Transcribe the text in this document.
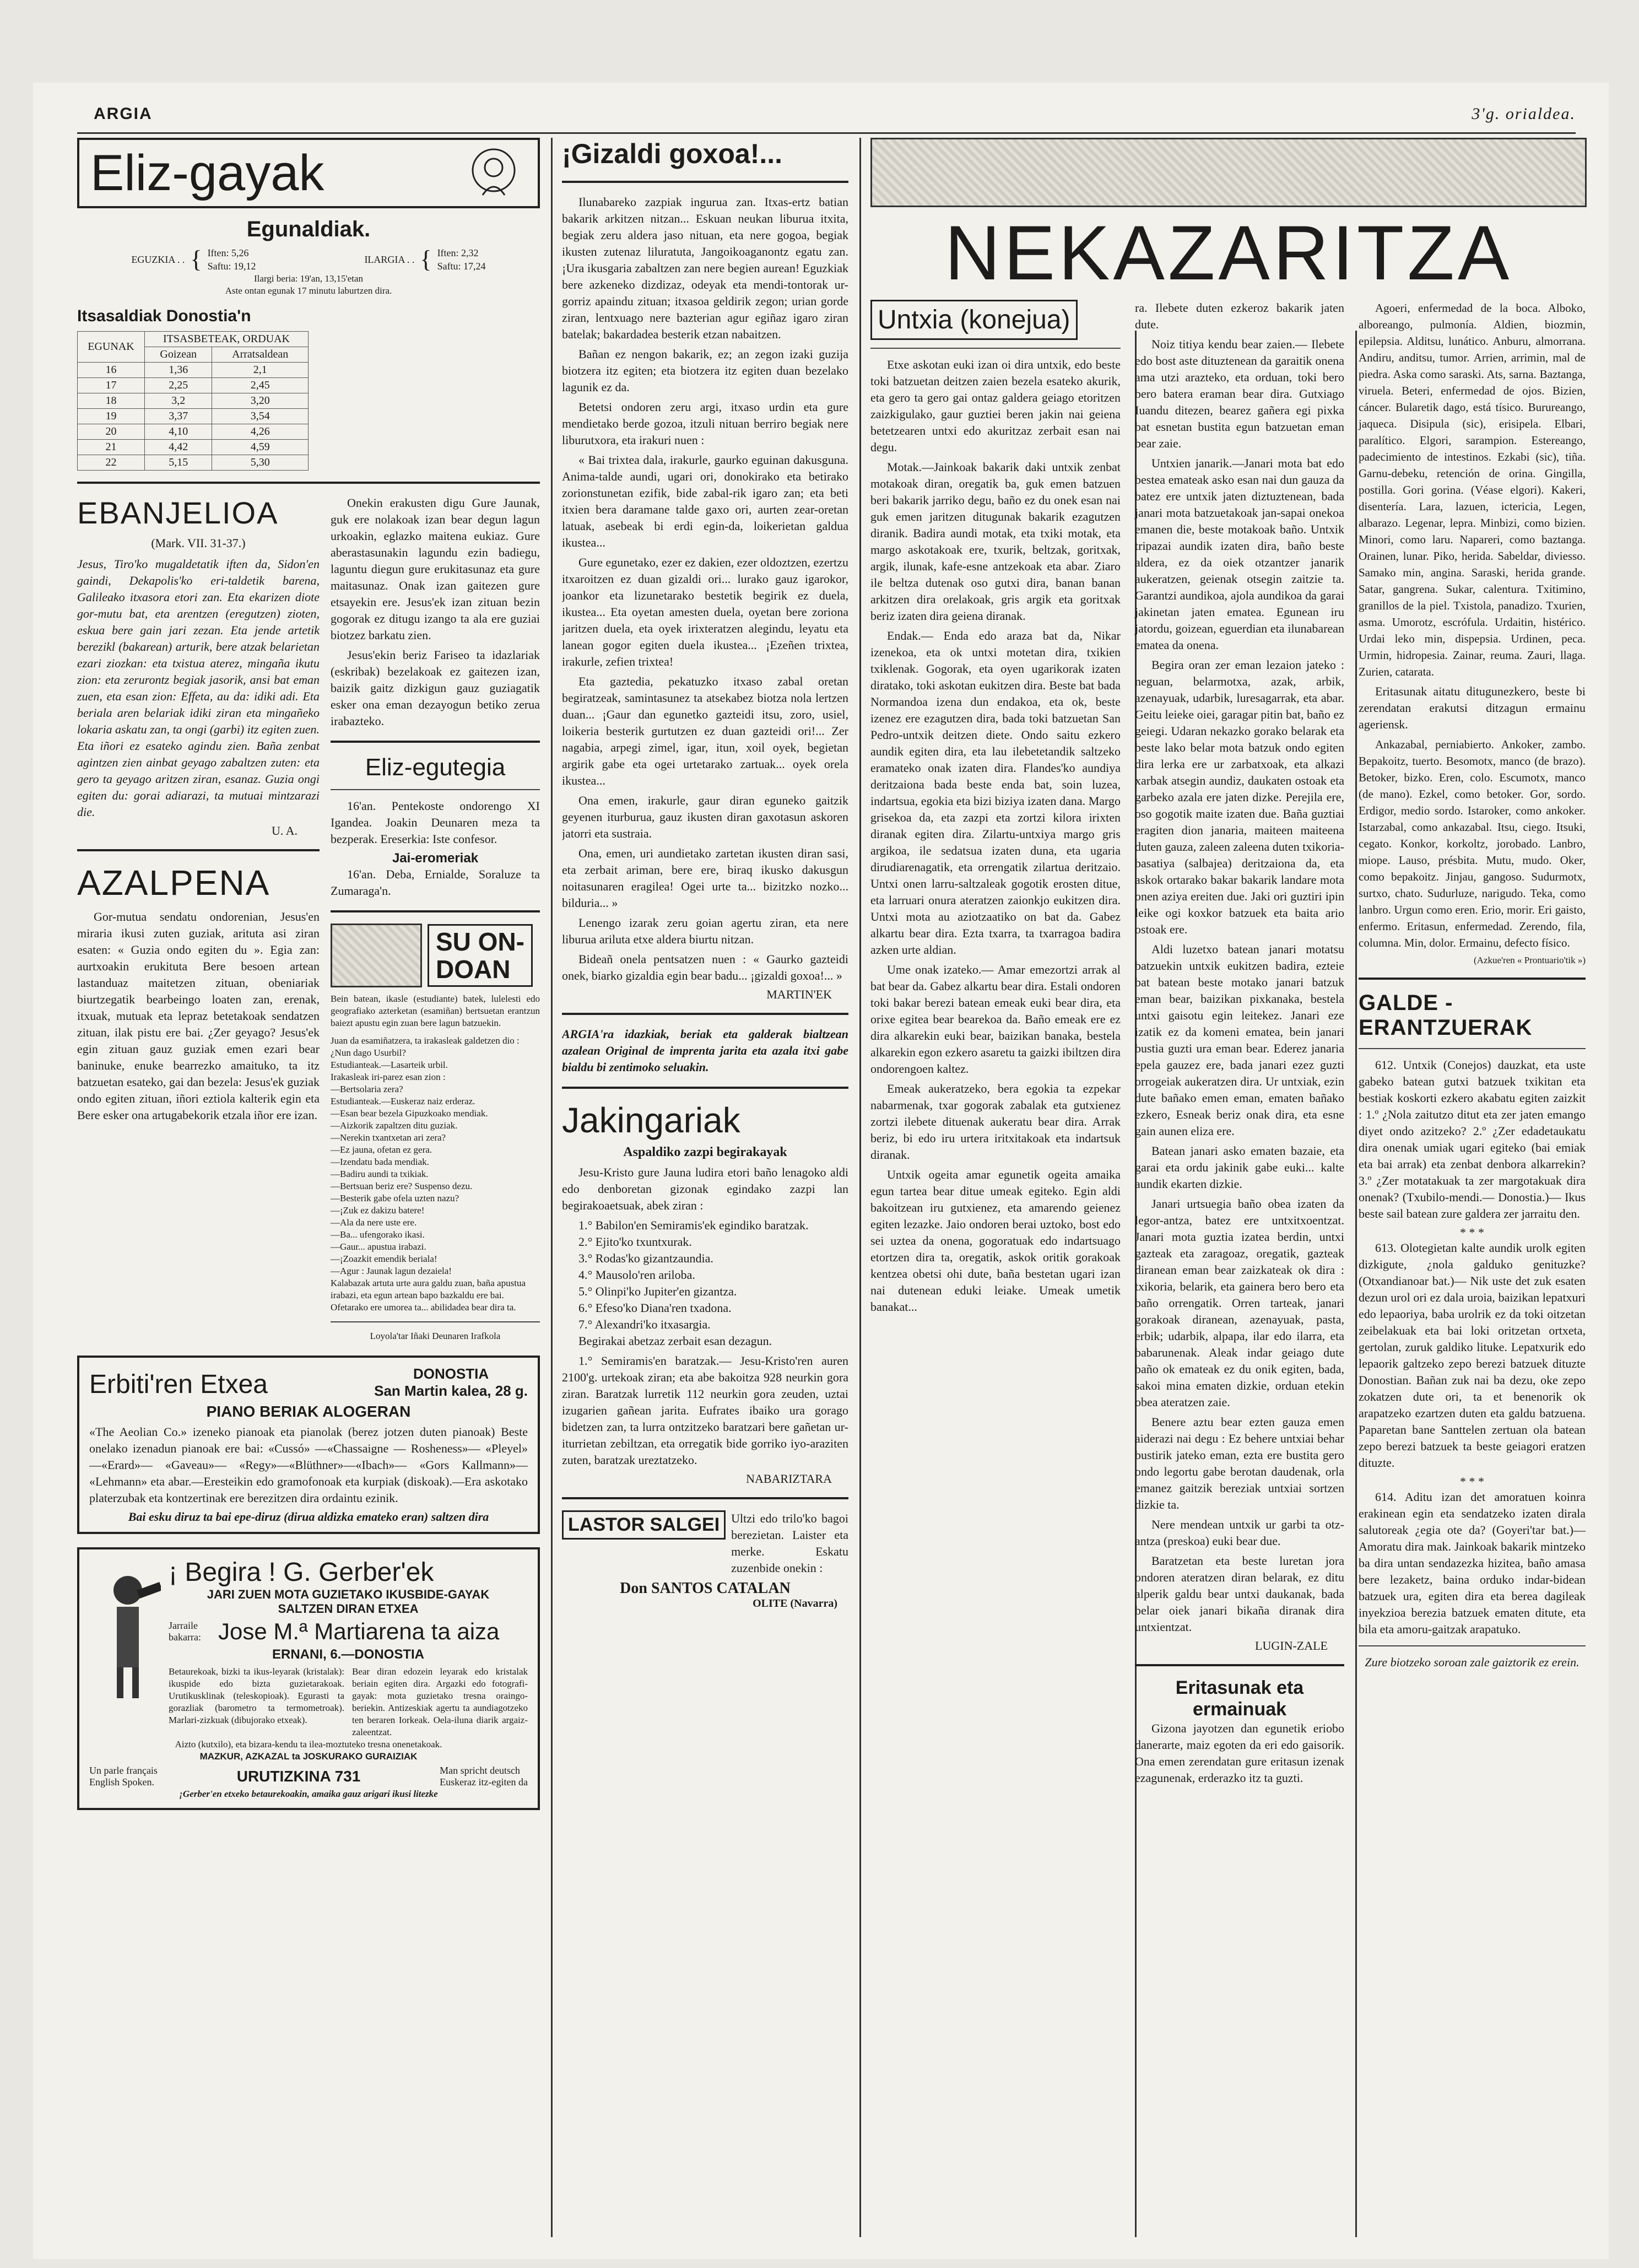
ARGIA	3'g. orialdea.
Eliz-gayak
Egunaldiak.
EGUZKIA . . { Iften: 5,26
Saftu: 19,12
ILARGIA . . { Iften: 2,32
Saftu: 17,24
Ilargi beria: 19'an, 13,15'etan
Aste ontan egunak 17 minutu laburtzen dira.
Itsasaldiak Donostia'n
EGUNAK	ITSASBETEAK, ORDUAK	
	Goizean	Arratsaldean
16	1,36	2,1
17	2,25	2,45
18	3,2	3,20
19	3,37	3,54
20	4,10	4,26
21	4,42	4,59
22	5,15	5,30
EBANJELIOA
(Mark. VII. 31-37.)

Jesus, Tiro'ko mugaldetatik iften da, Sidon'en gaindi, Dekapolis'ko eri-taldetik barena, Galileako itxasora etori zan. Eta ekarizen diote gor-mutu bat, eta arentzen (eregutzen) zioten, eskua bere gain jari zezan. Eta jende artetik berezikl (bakarean) arturik, bere atzak belarietan ezari ziozkan: eta txistua aterez, mingaña ikutu zion: eta zerurontz begiak jasorik, ansi bat eman zuen, eta esan zion: Effeta, au da: idiki adi. Eta beriala aren belariak idiki ziran eta mingañeko lokaria askatu zan, ta ongi (garbi) itz egiten zuen. Eta iñori ez esateko agindu zien. Baña zenbat agintzen zien ainbat geyago zabaltzen zuten: eta gero ta geyago aritzen ziran, esanaz. Guzia ongi egiten du: gorai adiarazi, ta mutuai mintzarazi die.

U. A.
AZALPENA

Gor-mutua sendatu ondorenian, Jesus'en miraria ikusi zuten guziak, arituta asi ziran esaten: « Guzia ondo egiten du ». Egia zan: aurtxoakin erukituta Bere besoen artean lastanduaz maitetzen zituan, obeniariak biurtzegatik bearbeingo loaten zan, erenak, itxuak, mutuak eta lepraz betetakoak sendatzen zituan, ilak pistu ere bai. ¿Zer geyago? Jesus'ek egin zituan gauz guziak emen ezari bear baninuke, enuke bearrezko amaituko, ta itz batzuetan esateko, gai dan bezela: Jesus'ek guziak ondo egiten zituan, iñori eztiola kalterik egin eta Bere esker ona artugabekorik etzala iñor ere izan.

Onekin erakusten digu Gure Jaunak, guk ere nolakoak izan bear degun lagun urkoakin, eglazko maitena eukiaz. Gure aberastasunakin lagundu ezin badiegu, laguntu diegun gure erukitasunaz eta gure maitasunaz. Onak izan gaitezen gure etsayekin ere. Jesus'ek izan zituan bezin gogorak ez ditugu izango ta ala ere guziai biotzez barkatu zien.

Jesus'ekin beriz Fariseo ta idazlariak (eskribak) bezelakoak ez gaitezen izan, baizik gaitz dizkigun gauz guziagatik esker ona eman dezayogun betiko zerua irabazteko.

Eliz-egutegia

16'an. Pentekoste ondorengo XI Igandea. Joakin Deunaren meza ta bezperak. Ereserkia: Iste confesor.

Jai-eromeriak

16'an. Deba, Ernialde, Soraluze ta Zumaraga'n.

SU ON-
DOAN

Bein batean, ikasle (estudiante) batek, lulelesti edo geografiako azterketan (esamiñan) bertsuetan erantzun baiezt apustu egin zuan bere lagun batzuekin.

Juan da esamiñatzera, ta irakasleak galdetzen dio :
¿Nun dago Usurbil?
Estudianteak.—Lasarteik urbil.
Irakasleak iri-parez esan zion :
—Bertsolaria zera?
Estudianteak.—Euskeraz naiz erderaz.
—Esan bear bezela Gipuzkoako mendiak.
—Aizkorik zapaltzen ditu guziak.
—Nerekin txantxetan ari zera?
—Ez jauna, ofetan ez gera.
—Izendatu bada mendiak.
—Badiru aundi ta txikiak.
—Bertsuan beriz ere? Suspenso dezu.
—Besterik gabe ofela uzten nazu?
—¡Zuk ez dakizu batere!
—Ala da nere uste ere.
—Ba... ufengorako ikasi.
—Gaur... apustua irabazi.
—¡Zoazkit emendik beriala!
—Agur : Jaunak lagun dezaiela!
Kalabazak artuta urte aura galdu zuan, baña apustua irabazi, eta egun artean bapo bazkaldu ere bai. Ofetarako ere umorea ta... abilidadea bear dira ta.
Loyola'tar Iñaki Deunaren Irafkola
Erbiti'ren Etxea	DONOSTIA
San Martin kalea, 28 g.
PIANO BERIAK ALOGERAN

«The Aeolian Co.» izeneko pianoak eta pianolak (berez jotzen duten pianoak) Beste onelako izenadun pianoak ere bai: «Cussó» —«Chassaigne — Rosheness»— «Pleyel» —«Erard»— «Gaveau»— «Regy»—«Blüthner»—«Ibach»— «Gors Kallmann»— «Lehmann» eta abar.—Eresteikin edo gramofonoak eta kurpiak (diskoak).—Era askotako platerzubak eta kontzertinak ere berezitzen dira ordaintu ezinik.

Bai esku diruz ta bai epe-diruz (dirua aldizka emateko eran) saltzen dira
¡ Begira ! G. Gerber'ek
JARI ZUEN MOTA GUZIETAKO IKUSBIDE-GAYAK
SALTZEN DIRAN ETXEA
Jarraile bakarra: Jose M.ª Martiarena ta aiza
ERNANI, 6.—DONOSTIA

Betaurekoak, bizki ta ikus-leyarak (kristalak): ikuspide edo bizta guzietarakoak. Urutikusklinak (teleskopioak). Egurasti ta gorazliak (barometro ta termometroak). Marlari-zizkuak (dibujorako etxeak).

Bear diran edozein leyarak edo kristalak beriain egiten dira. Argazki edo fotografi-gayak: mota guzietako tresna oraingo-beriekin. Antizeskiak agertu ta aundiagotzeko ten beraren Iorkeak. Oela-iluna diarik argaiz-zaleentzat.

Aizto (kutxilo), eta bizara-kendu ta ilea-moztuteko tresna onenetakoak.
MAZKUR, AZKAZAL ta JOSKURAKO GURAIZIAK
Un parle français
English Spoken.	URUTIZKINA 731	Man spricht deutsch
Euskeraz itz-egiten da
¡Gerber'en etxeko betaurekoakin, amaika gauz arigari ikusi litezke
¡Gizaldi goxoa!...

Ilunabareko zazpiak ingurua zan. Itxas-ertz batian bakarik arkitzen nitzan... Eskuan neukan liburua itxita, begiak zeru aldera jaso nituan, eta nere gogoa, begiak ikusten zutenaz liluratuta, Jangoikoaganontz egatu zan. ¡Ura ikusgaria zabaltzen zan nere begien aurean! Eguzkiak bere azkeneko dizdizaz, odeyak eta mendi-tontorak ur-gorriz apaindu zituan; itxasoa geldirik zegon; urian gorde ziran, lentxuago nere bazterian agur egiñaz igaro ziran batelak; bakardadea besterik etzan nabaitzen.

Bañan ez nengon bakarik, ez; an zegon izaki guzija biotzera itz egiten; eta biotzera itz egiten duan bezelako lagunik ez da.

Betetsi ondoren zeru argi, itxaso urdin eta gure mendietako berde gozoa, itzuli nituan berriro begiak nere liburutxora, eta irakuri nuen :

« Bai trixtea dala, irakurle, gaurko eguinan dakusguna. Anima-talde aundi, ugari ori, donokirako eta betirako zorionstunetan ezifik, bide zabal-rik igaro zan; eta beti itxien bera daramane talde gaxo ori, aurten zear-oretan latuak, asebeak bi erdi egin-da, loikerietan galdua ikustea...

Gure egunetako, ezer ez dakien, ezer oldoztzen, ezertzu itxaroitzen ez duan gizaldi ori... lurako gauz igarokor, joankor eta lizunetarako bestetik begirik ez duela, ikustea... Eta oyetan amesten duela, oyetan bere zoriona jaritzen duela, eta oyek irixteratzen alegindu, leyatu eta lanean gogor egiten duela ikustea... ¡Ezeñen trixtea, irakurle, zefien trixtea!

Eta gaztedia, pekatuzko itxaso zabal oretan begiratzeak, samintasunez ta atsekabez biotza nola lertzen duan... ¡Gaur dan egunetko gazteidi itsu, zoro, usiel, loikeria besterik gurtutzen ez duan gazteidi ori!... Zer nagabia, arpegi zimel, igar, itun, xoil oyek, begietan argirik gabe eta ogei urtetarako zartuak... oyek orela ikustea...

Ona emen, irakurle, gaur diran eguneko gaitzik geyenen iturburua, gauz ikusten diran gaxotasun askoren jatorri eta sustraia.

Ona, emen, uri aundietako zartetan ikusten diran sasi, eta zerbait ariman, bere ere, biraq ikusko dakusgun noitasunaren eragilea! Ogei urte ta... bizitzko nozko... bilduria... »

Lenengo izarak zeru goian agertu ziran, eta nere liburua ariluta etxe aldera biurtu nitzan.

Bideañ onela pentsatzen nuen : « Gaurko gazteidi onek, biarko gizaldia egin bear badu... ¡gizaldi goxoa!... »

MARTIN'EK

ARGIA'ra idazkiak, beriak eta galderak bialtzean azalean Original de imprenta jarita eta azala itxi gabe bialdu bi zentimoko seluakin.

Jakingariak
Aspaldiko zazpi begirakayak

Jesu-Kristo gure Jauna ludira etori baño lenagoko aldi edo denboretan gizonak egindako zazpi lan begirakoaetsuak, abek ziran :

1.° Babilon'en Semiramis'ek egindiko baratzak.
2.° Ejito'ko txuntxurak.
3.° Rodas'ko gizantzaundia.
4.° Mausolo'ren ariloba.
5.° Olinpi'ko Jupiter'en gizantza.
6.° Efeso'ko Diana'ren txadona.
7.° Alexandri'ko itxasargia.

Begirakai abetzaz zerbait esan dezagun.

1.° Semiramis'en baratzak.— Jesu-Kristo'ren auren 2100'g. urtekoak ziran; eta abe bakoitza 928 neurkin gora ziran. Baratzak lurretik 112 neurkin gora zeuden, uztai izugarien gañean jarita. Eufrates ibaiko ura gorago bidetzen zan, ta lurra ontzitzeko baratzari bere gañetan ur-iturrietan zebiltzan, eta orregatik bide gorriko iyo-araziten zuten, baratzak ureztatzeko.

NABARIZTARA
LASTOR SALGEI Ultzi edo trilo'ko bagoi berezietan. Laister eta merke. Eskatu zuzenbide onekin :

Don SANTOS CATALAN
OLITE (Navarra)
NEKAZARITZA
Untxia (konejua)

Etxe askotan euki izan oi dira untxik, edo beste toki batzuetan deitzen zaien bezela esateko akurik, eta gero ta gero gai ontaz galdera geiago etoritzen zaizkigulako, gaur guztiei beren jakin nai geiena betetzearen untxi edo akuritzaz zerbait esan nai degu.

Motak.—Jainkoak bakarik daki untxik zenbat motakoak diran, oregatik ba, guk emen batzuen beri bakarik jarriko degu, baño ez du onek esan nai guk emen jaritzen ditugunak bakarik ezagutzen diranik. Badira aundi motak, eta txiki motak, eta margo askotakoak ere, txurik, beltzak, goritxak, argik, ilunak, kafe-esne antzekoak eta abar. Ziaro ile beltza dutenak oso gutxi dira, banan banan arkitzen dira orelakoak, gris argik eta goritxak beriz izaten dira geiena diranak.

Endak.— Enda edo araza bat da, Nikar izenekoa, eta ok untxi motetan dira, txikien txiklenak. Gogorak, eta oyen ugarikorak izaten diratako, toki askotan eukitzen dira. Beste bat bada Normandoa izena dun endakoa, eta ok, beste izenez ere ezagutzen dira, bada toki batzuetan San Pedro-untxik deitzen diete. Ondo saitu ezkero aundik egiten dira, eta lau ilebetetandik saltzeko eramateko onak izaten dira. Flandes'ko aundiya deritzaiona bada beste enda bat, soin luzea, indartsua, egokia eta bizi biziya izaten dana. Margo grisekoa da, eta zazpi eta zortzi kilora irixten diranak egiten dira. Zilartu-untxiya margo gris argikoa, ile sedatsua izaten duna, eta ugaria dirudiarenagatik, eta orrengatik zilartua deritzaio. Untxi onen larru-saltzaleak gogotik erosten ditue, eta larruari onura ateratzen zaionkjo eukitzen dira. Untxi mota au aziotzaatiko on bat da. Gabez alkartu bear dira. Ezta txarra, ta txarragoa badira azken urte aldian.

Ume onak izateko.— Amar emezortzi arrak al bat bear da. Gabez alkartu bear dira. Estali ondoren toki bakar berezi batean emeak euki bear dira, eta orixe egitea bear bearekoa da. Baño emeak ere ez dira alkarekin euki bear, baizikan banaka, bestela alkarekin egon ezkero asaretu ta gaizki ibiltzen dira ondorengoen kaltez.

Emeak aukeratzeko, bera egokia ta ezpekar nabarmenak, txar gogorak zabalak eta gutxienez zortzi ilebete dituenak aukeratu bear dira. Arrak beriz, bi edo iru urtera iritxitakoak eta indartsuk diranak.

Untxik ogeita amar egunetik ogeita amaika egun tartea bear ditue umeak egiteko. Egin aldi bakoitzean iru gutxienez, eta amarendo geienez egiten lezazke. Jaio ondoren berai uztoko, bost edo sei uztea da onena, gogoratuak edo indartsuago etortzen dira ta, oregatik, askok oritik gorakoak kentzea obetsi ohi dute, baña bestetan ugari izan nai dutenean eduki leiake. Umeak umetik banakat...

ra. Ilebete duten ezkeroz bakarik jaten dute.

Noiz titiya kendu bear zaien.— Ilebete edo bost aste dituztenean da garaitik onena ama utzi arazteko, eta orduan, toki bero bero batera eraman bear dira. Gutxiago Iuandu ditezen, bearez gañera egi pixka bat esnetan bustita egun batzuetan eman bear zaie.

Untxien janarik.—Janari mota bat edo bestea emateak asko esan nai dun gauza da batez ere untxik jaten diztuztenean, bada janari mota batzuetakoak jan-sapai onekoa emanen die, beste motakoak baño. Untxik tripazai aundik izaten dira, baño beste aldera, ez da oiek otzantzer janarik aukeratzen, geienak otsegin zaitzie ta. Garantzi aundikoa, ajola aundikoa da garai jakinetan jaten ematea. Egunean iru jatordu, goizean, eguerdian eta ilunabarean ematea da onena.

Begira oran zer eman lezaion jateko : neguan, belarmotxa, azak, arbik, azenayuak, udarbik, luresagarrak, eta abar. Geitu leieke oiei, garagar pitin bat, baño ez geiegi. Udaran nekazko gorako belarak eta beste lako belar mota batzuk ondo egiten dira lerka ere ur zarbatxoak, eta alkazi xarbak atsegin aundiz, daukaten ostoak eta garbeko azala ere jaten dizke. Perejila ere, oso gogotik maite izaten due. Baña guztiai eragiten dion janaria, maiteen maiteena duten gauza, zaleen zaleena duten txikoria-basatiya (salbajea) deritzaiona da, eta askok ortarako bakar bakarik landare mota onen aziya ereiten due. Jaki ori guztiri ipin leike ogi koxkor batzuek eta baita ario ostoak ere.

Aldi luzetxo batean janari motatsu batzuekin untxik eukitzen badira, ezteie bat batean beste motako janari batzuk eman bear, baizikan pixkanaka, bestela untxi gaisotu egin leitekez. Janari eze izatik ez da komeni ematea, bein janari bustia guzti ura eman bear. Ederez janaria epela gauzez ere, bada janari ezez guzti orrogeiak aukeratzen dira. Ur untxiak, ezin dute bañako emen eman, ematen bañako ezkero, Esneak beriz onak dira, eta esne gain aunen eliza ere.

Batean janari asko ematen bazaie, eta garai eta ordu jakinik gabe euki... kalte aundik ekarten dizkie.

Janari urtsuegia baño obea izaten da legor-antza, batez ere untxitxoentzat. Janari mota guztia izatea berdin, untxi gazteak eta zaragoaz, oregatik, gazteak diranean eman bear zaizkateak ok dira : txikoria, belarik, eta gainera bero bero eta baño orrengatik. Orren tarteak, janari gorakoak diranean, azenayuak, pasta, erbik; udarbik, alpapa, ilar edo ilarra, eta babarunenak. Aleak indar geiago dute baño ok emateak ez du onik egiten, bada, sakoi mina ematen dizkie, orduan etekin obea ateratzen zaie.

Benere aztu bear ezten gauza emen aiderazi nai degu : Ez behere untxiai behar bustirik jateko eman, ezta ere bustita gero ondo legortu gabe berotan daudenak, orla emanez gaitzik bereziak untxiai sortzen dizkie ta.

Nere mendean untxik ur garbi ta otz-antza (preskoa) euki bear due.

Baratzetan eta beste luretan jora ondoren ateratzen diran belarak, ez ditu alperik galdu bear untxi daukanak, bada belar oiek janari bikaña diranak dira untxientzat.

LUGIN-ZALE
Eritasunak eta ermainuak

Gizona jayotzen dan egunetik eriobo danerarte, maiz egoten da eri edo gaisorik. Ona emen zerendatan gure eritasun izenak ezagunenak, erderazko itz ta guzti.

Agoeri, enfermedad de la boca. Alboko, alboreango, pulmonía. Aldien, biozmin, epilepsia. Alditsu, lunático. Anburu, almorrana. Andiru, anditsu, tumor. Arrien, arrimin, mal de piedra. Aska como saraski. Ats, sarna. Baztanga, viruela. Beteri, enfermedad de ojos. Bizien, cáncer. Bularetik dago, está tísico. Burureango, jaqueca. Disipula (sic), erisipela. Elbari, paralítico. Elgori, sarampion. Estereango, padecimiento de intestinos. Ezkabi (sic), tiña. Garnu-debeku, retención de orina. Gingilla, postilla. Gori gorina. (Véase elgori). Kakeri, disentería. Lara, lazuen, ictericia, Legen, albarazo. Legenar, lepra. Minbizi, como bizien. Minori, como laru. Napareri, como baztanga. Orainen, lunar. Piko, herida. Sabeldar, diviesso. Samako min, angina. Saraski, herida grande. Satar, gangrena. Sukar, calentura. Txitimino, granillos de la piel. Txistola, panadizo. Txurien, asma. Umorotz, escrófula. Urdaitin, histérico. Urdai leko min, dispepsia. Urdinen, peca. Urmin, hidropesia. Zainar, reuma. Zauri, llaga. Zurien, catarata.

Eritasunak aitatu ditugunezkero, beste bi zerendatan erakutsi ditzagun ermainu ageriensk.

Ankazabal, perniabierto. Ankoker, zambo. Bepakoitz, tuerto. Besomotx, manco (de brazo). Betoker, bizko. Eren, colo. Escumotx, manco (de mano). Ezkel, como betoker. Gor, sordo. Erdigor, medio sordo. Istaroker, como ankoker. Istarzabal, como ankazabal. Itsu, ciego. Itsuki, cegato. Konkor, korkoltz, jorobado. Lanbro, miope. Lauso, présbita. Mutu, mudo. Oker, como bepakoitz. Jinjau, gangoso. Sudurmotx, surtxo, chato. Sudurluze, narigudo. Teka, como lanbro. Urgun como eren. Erio, morir. Eri gaisto, enfermo. Eritasun, enfermedad. Zerendo, fila, columna. Min, dolor. Ermainu, defecto físico.

(Azkue'ren « Prontuario'tik »)
GALDE - ERANTZUERAK

612. Untxik (Conejos) dauzkat, eta uste gabeko batean gutxi batzuek txikitan eta bestiak koskorti ezkero akabatu egiten zaizkit : 1.º ¿Nola zaitutzo ditut eta zer jaten emango diyet ondo azitzeko? 2.º ¿Zer edadetaukatu dira onenak umiak ugari egiteko (bai emiak eta bai arrak) eta zenbat denbora alkarrekin? 3.º ¿Zer motatakuak ta zer margotakuak dira onenak? (Txubilo-mendi.— Donostia.)— Ikus beste sail batean zure galdera zer jarraitu den.

* * *

613. Olotegietan kalte aundik urolk egiten dizkigute, ¿nola galduko genituzke? (Otxandianoar bat.)— Nik uste det zuk esaten dezun urol ori ez dala uroia, baizikan lepatxuri edo lepaoriya, baba urolrik ez da toki oitzetan zeibelakuak eta bai loki oritzetan ortxeta, gertolan, zuruk galdiko lituke. Lepatxurik edo lepaorik galtzeko zepo berezi batzuek dituzte Donostian. Bañan zuk nai ba dezu, oke zepo zokatzen dute ori, ta et benenorik ok arapatzeko ezartzen duten eta galdu batzuena. Paparetan bane Santtelen zertuan ola batean zepo berezi batzuek ta beste geiagori eratzen dituzte.

* * *

614. Aditu izan det amoratuen koinra erakinean egin eta sendatzeko izaten dirala salutoreak ¿egia ote da? (Goyeri'tar bat.)— Amoratu dira mak. Jainkoak bakarik mintzeko ba dira untan sendazezka hizitea, baño amasa bere lezaketz, baina orduko indar-bidean batzuek ura, egiten dira eta berea dagileak inyekzioa berezia batzuek ematen ditute, eta bila eta amoru-gaitzak arapatuko.

Zure biotzeko soroan zale gaiztorik ez erein.
